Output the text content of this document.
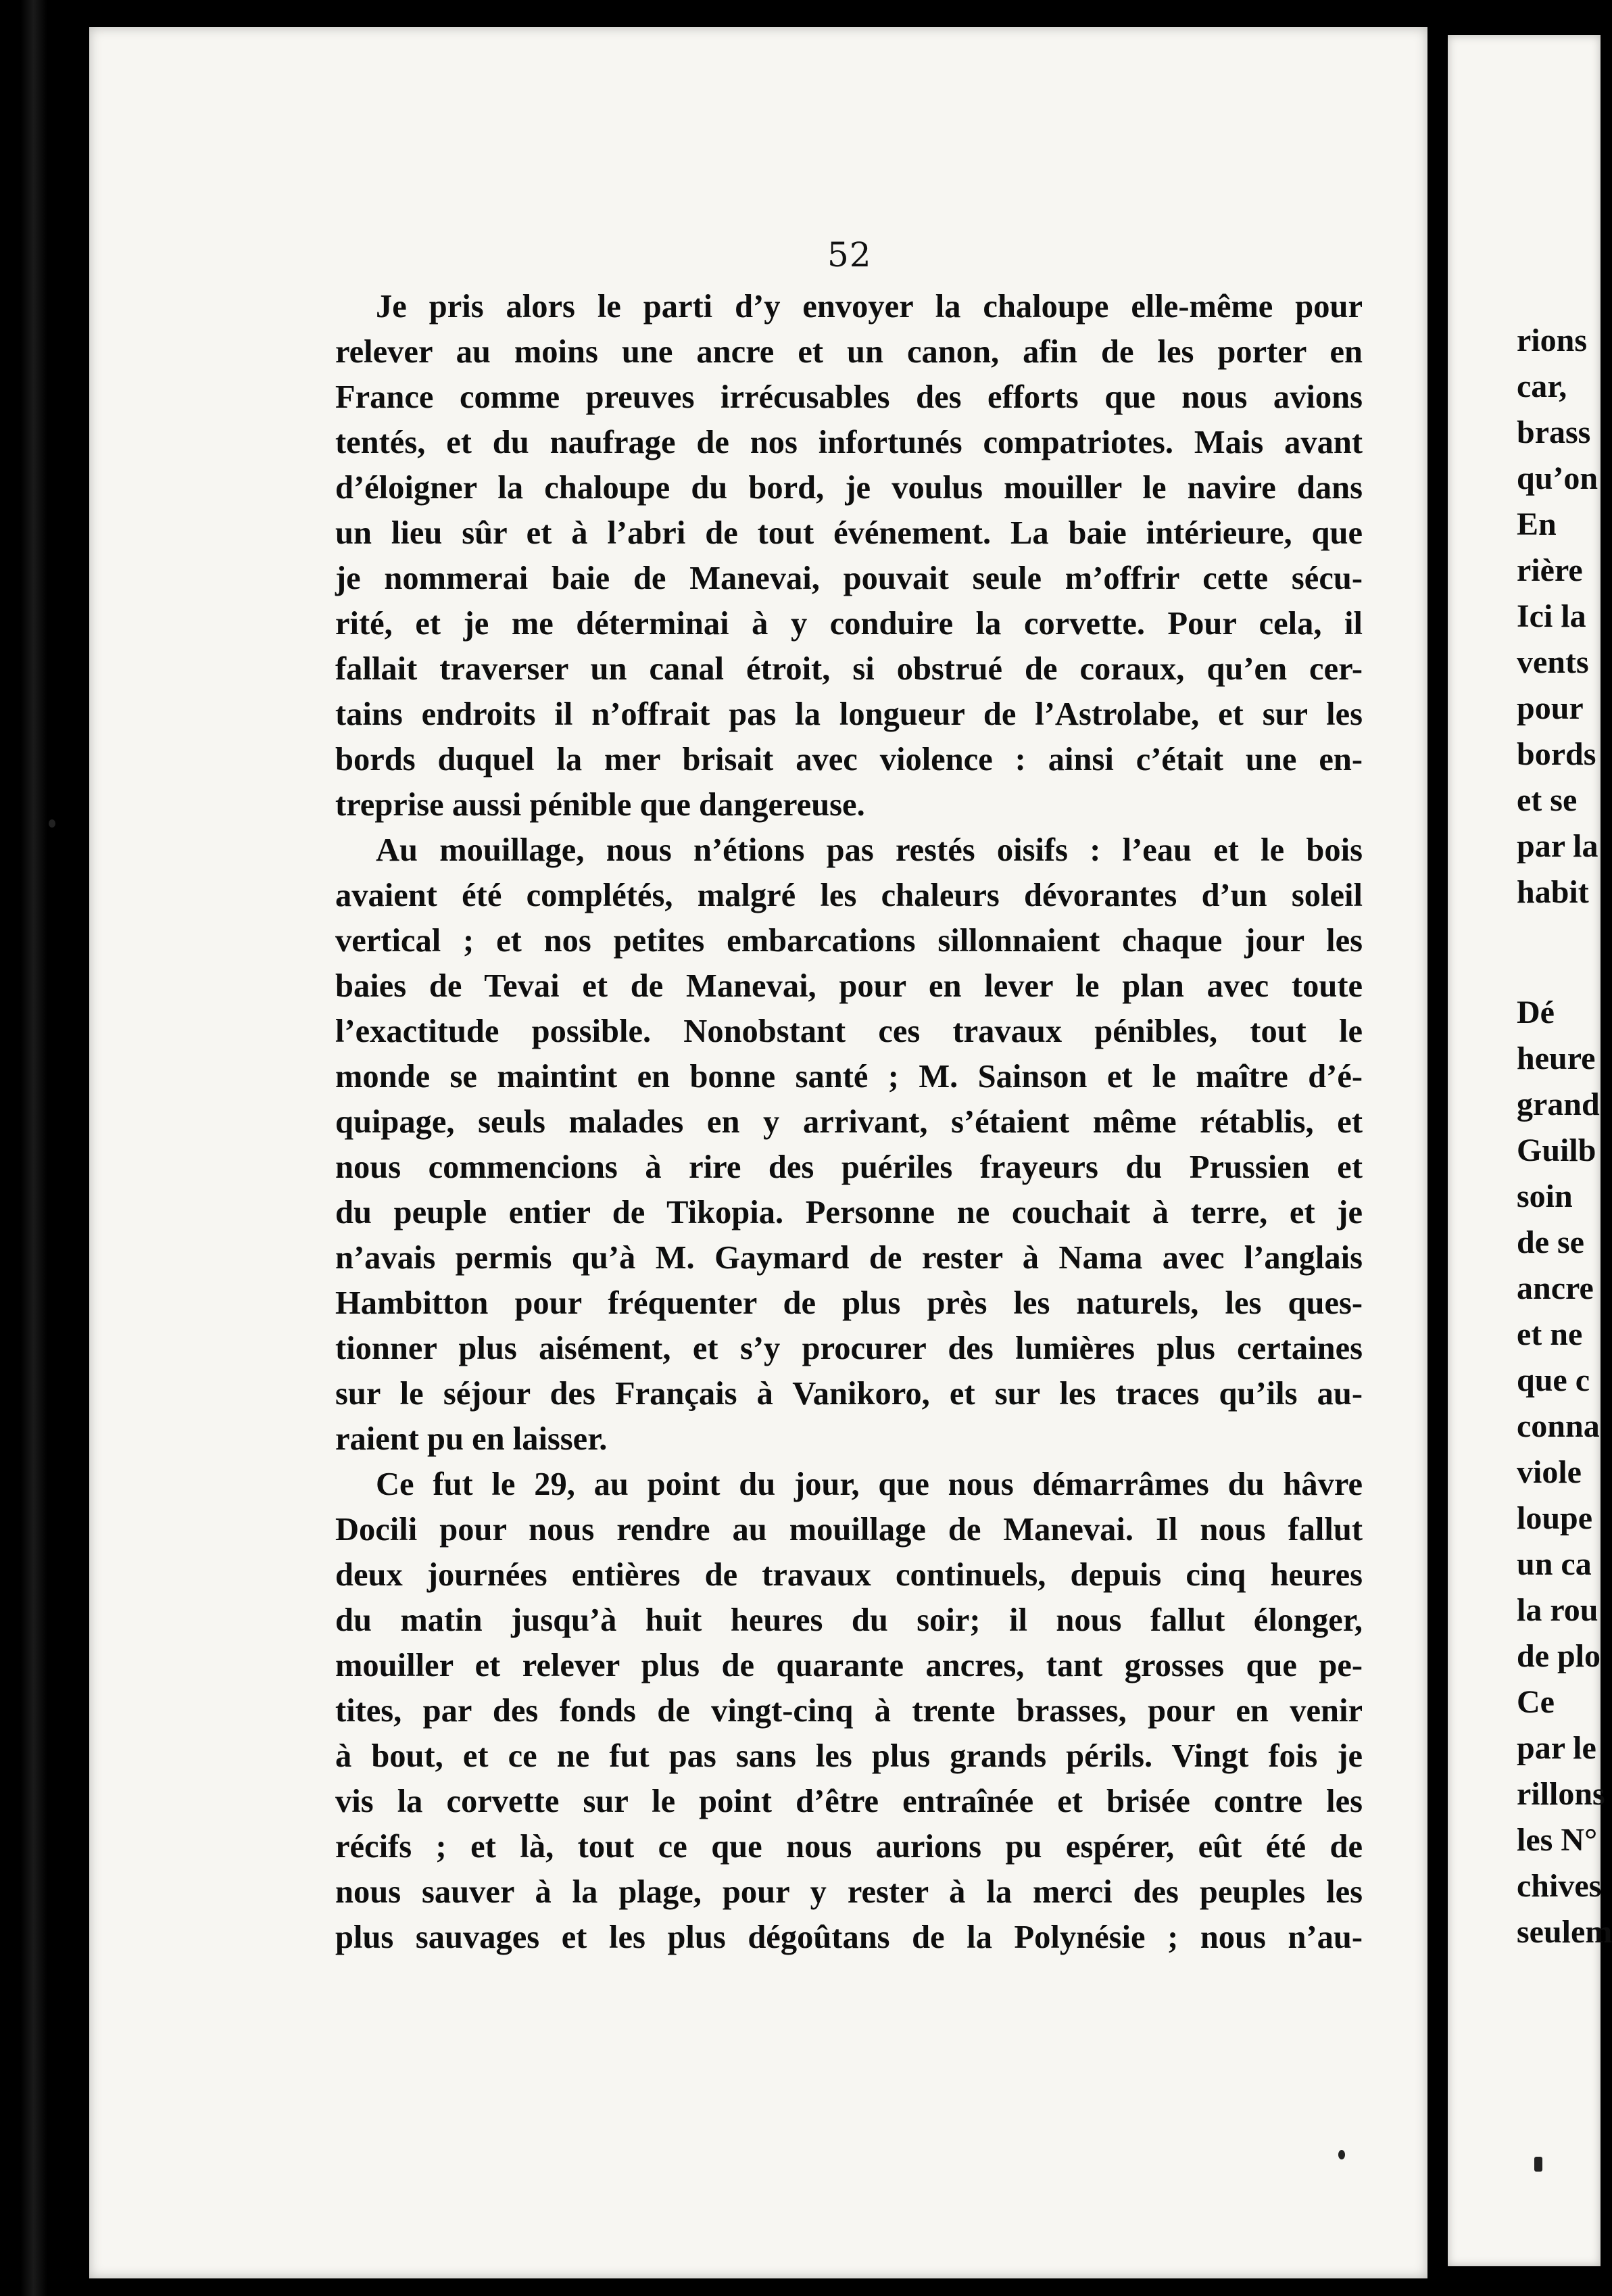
52
Je pris alors le parti d’y envoyer la chaloupe elle-même pour
relever au moins une ancre et un canon, afin de les porter en
France comme preuves irrécusables des efforts que nous avions
tentés, et du naufrage de nos infortunés compatriotes. Mais avant
d’éloigner la chaloupe du bord, je voulus mouiller le navire dans
un lieu sûr et à l’abri de tout événement. La baie intérieure, que
je nommerai baie de Manevai, pouvait seule m’offrir cette sécu-
rité, et je me déterminai à y conduire la corvette. Pour cela, il
fallait traverser un canal étroit, si obstrué de coraux, qu’en cer-
tains endroits il n’offrait pas la longueur de l’Astrolabe, et sur les
bords duquel la mer brisait avec violence : ainsi c’était une en-
treprise aussi pénible que dangereuse.
Au mouillage, nous n’étions pas restés oisifs : l’eau et le bois
avaient été complétés, malgré les chaleurs dévorantes d’un soleil
vertical ; et nos petites embarcations sillonnaient chaque jour les
baies de Tevai et de Manevai, pour en lever le plan avec toute
l’exactitude possible. Nonobstant ces travaux pénibles, tout le
monde se maintint en bonne santé ; M. Sainson et le maître d’é-
quipage, seuls malades en y arrivant, s’étaient même rétablis, et
nous commencions à rire des puériles frayeurs du Prussien et
du peuple entier de Tikopia. Personne ne couchait à terre, et je
n’avais permis qu’à M. Gaymard de rester à Nama avec l’anglais
Hambitton pour fréquenter de plus près les naturels, les ques-
tionner plus aisément, et s’y procurer des lumières plus certaines
sur le séjour des Français à Vanikoro, et sur les traces qu’ils au-
raient pu en laisser.
Ce fut le 29, au point du jour, que nous démarrâmes du hâvre
Docili pour nous rendre au mouillage de Manevai. Il nous fallut
deux journées entières de travaux continuels, depuis cinq heures
du matin jusqu’à huit heures du soir; il nous fallut élonger,
mouiller et relever plus de quarante ancres, tant grosses que pe-
tites, par des fonds de vingt-cinq à trente brasses, pour en venir
à bout, et ce ne fut pas sans les plus grands périls. Vingt fois je
vis la corvette sur le point d’être entraînée et brisée contre les
récifs ; et là, tout ce que nous aurions pu espérer, eût été de
nous sauver à la plage, pour y rester à la merci des peuples les
plus sauvages et les plus dégoûtans de la Polynésie ; nous n’au-
rions
car,
brass
qu’on
En
rière
Ici la
vents
pour
bords
et se
par la
habit
Dé
heure
grand
Guilb
soin
de se
ancre
et ne
que c
conna
viole
loupe
un ca
la rou
de plo
Ce
par le
rillons
les N°
chives
seulem
